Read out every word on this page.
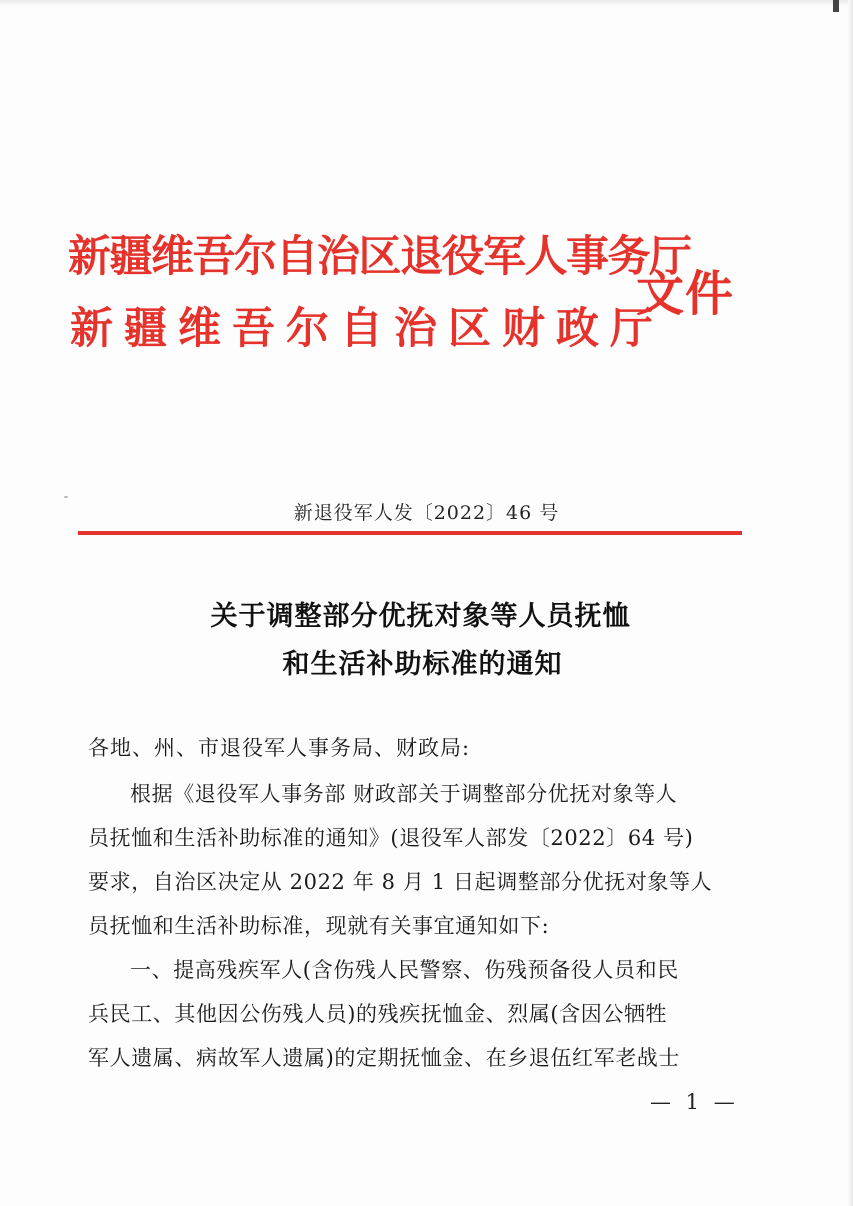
新疆维吾尔自治区退役军人事务厅
新疆维吾尔自治区财政厅
文件
新退役军人发〔2022〕46 号
关于调整部分优抚对象等人员抚恤
和生活补助标准的通知
各地、州、市退役军人事务局、财政局:
根据《退役军人事务部 财政部关于调整部分优抚对象等人
员抚恤和生活补助标准的通知》(退役军人部发〔2022〕64 号)
要求，自治区决定从 2022 年 8 月 1 日起调整部分优抚对象等人
员抚恤和生活补助标准，现就有关事宜通知如下:
一、提高残疾军人(含伤残人民警察、伤残预备役人员和民
兵民工、其他因公伤残人员)的残疾抚恤金、烈属(含因公牺牲
军人遗属、病故军人遗属)的定期抚恤金、在乡退伍红军老战士
— 1 —
